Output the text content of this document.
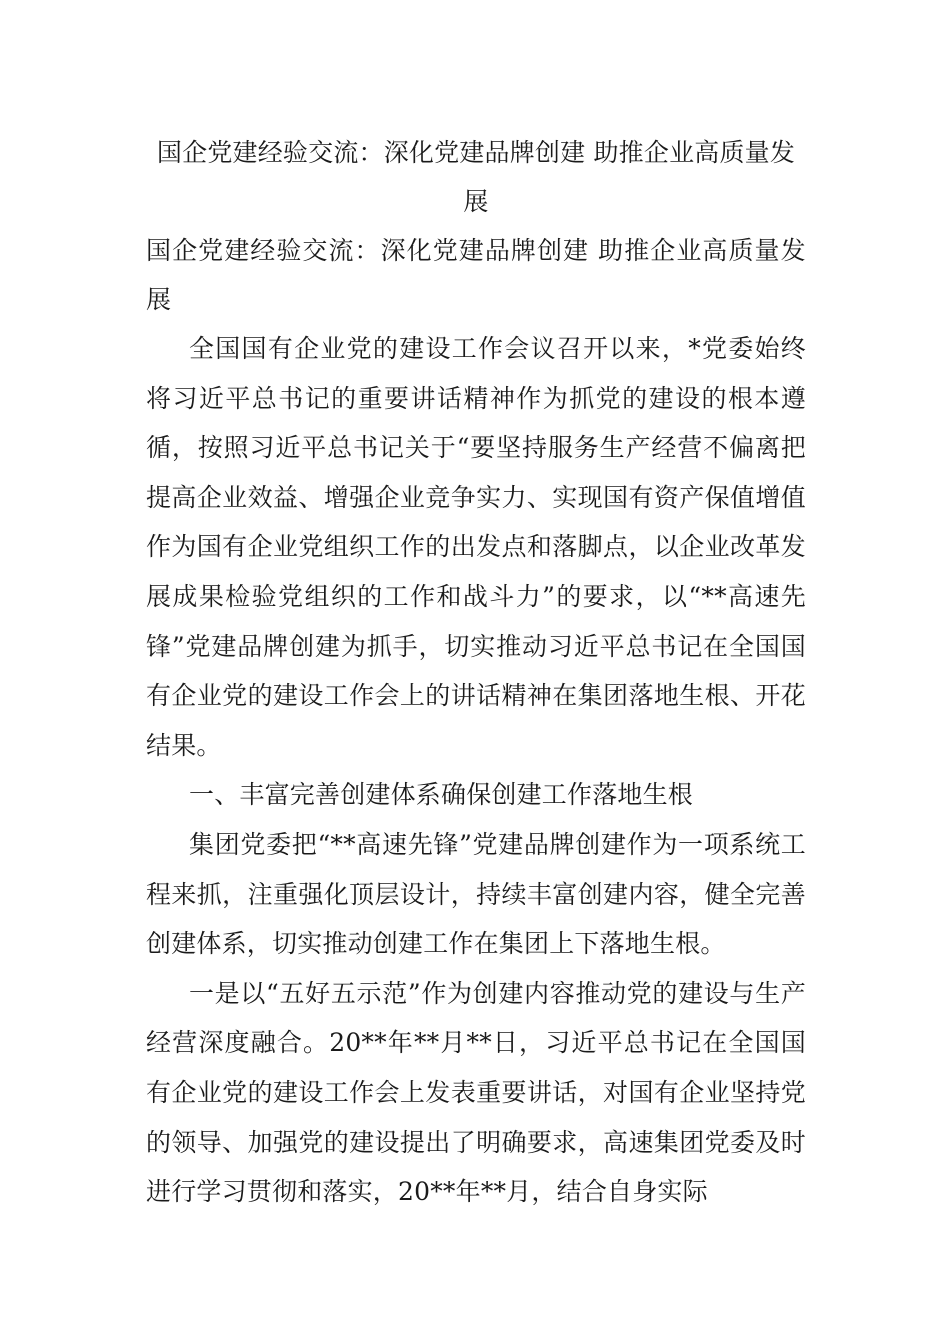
国企党建经验交流：深化党建品牌创建 助推企业高质量发展

国企党建经验交流：深化党建品牌创建 助推企业高质量发展

全国国有企业党的建设工作会议召开以来，*党委始终将习近平总书记的重要讲话精神作为抓党的建设的根本遵循，按照习近平总书记关于“要坚持服务生产经营不偏离把提高企业效益、增强企业竞争实力、实现国有资产保值增值作为国有企业党组织工作的出发点和落脚点，以企业改革发展成果检验党组织的工作和战斗力”的要求，以“**高速先锋”党建品牌创建为抓手，切实推动习近平总书记在全国国有企业党的建设工作会上的讲话精神在集团落地生根、开花结果。

一、丰富完善创建体系确保创建工作落地生根

集团党委把“**高速先锋”党建品牌创建作为一项系统工程来抓，注重强化顶层设计，持续丰富创建内容，健全完善创建体系，切实推动创建工作在集团上下落地生根。

一是以“五好五示范”作为创建内容推动党的建设与生产经营深度融合。20**年**月**日，习近平总书记在全国国有企业党的建设工作会上发表重要讲话，对国有企业坚持党的领导、加强党的建设提出了明确要求，高速集团党委及时进行学习贯彻和落实，20**年**月，结合自身实际
